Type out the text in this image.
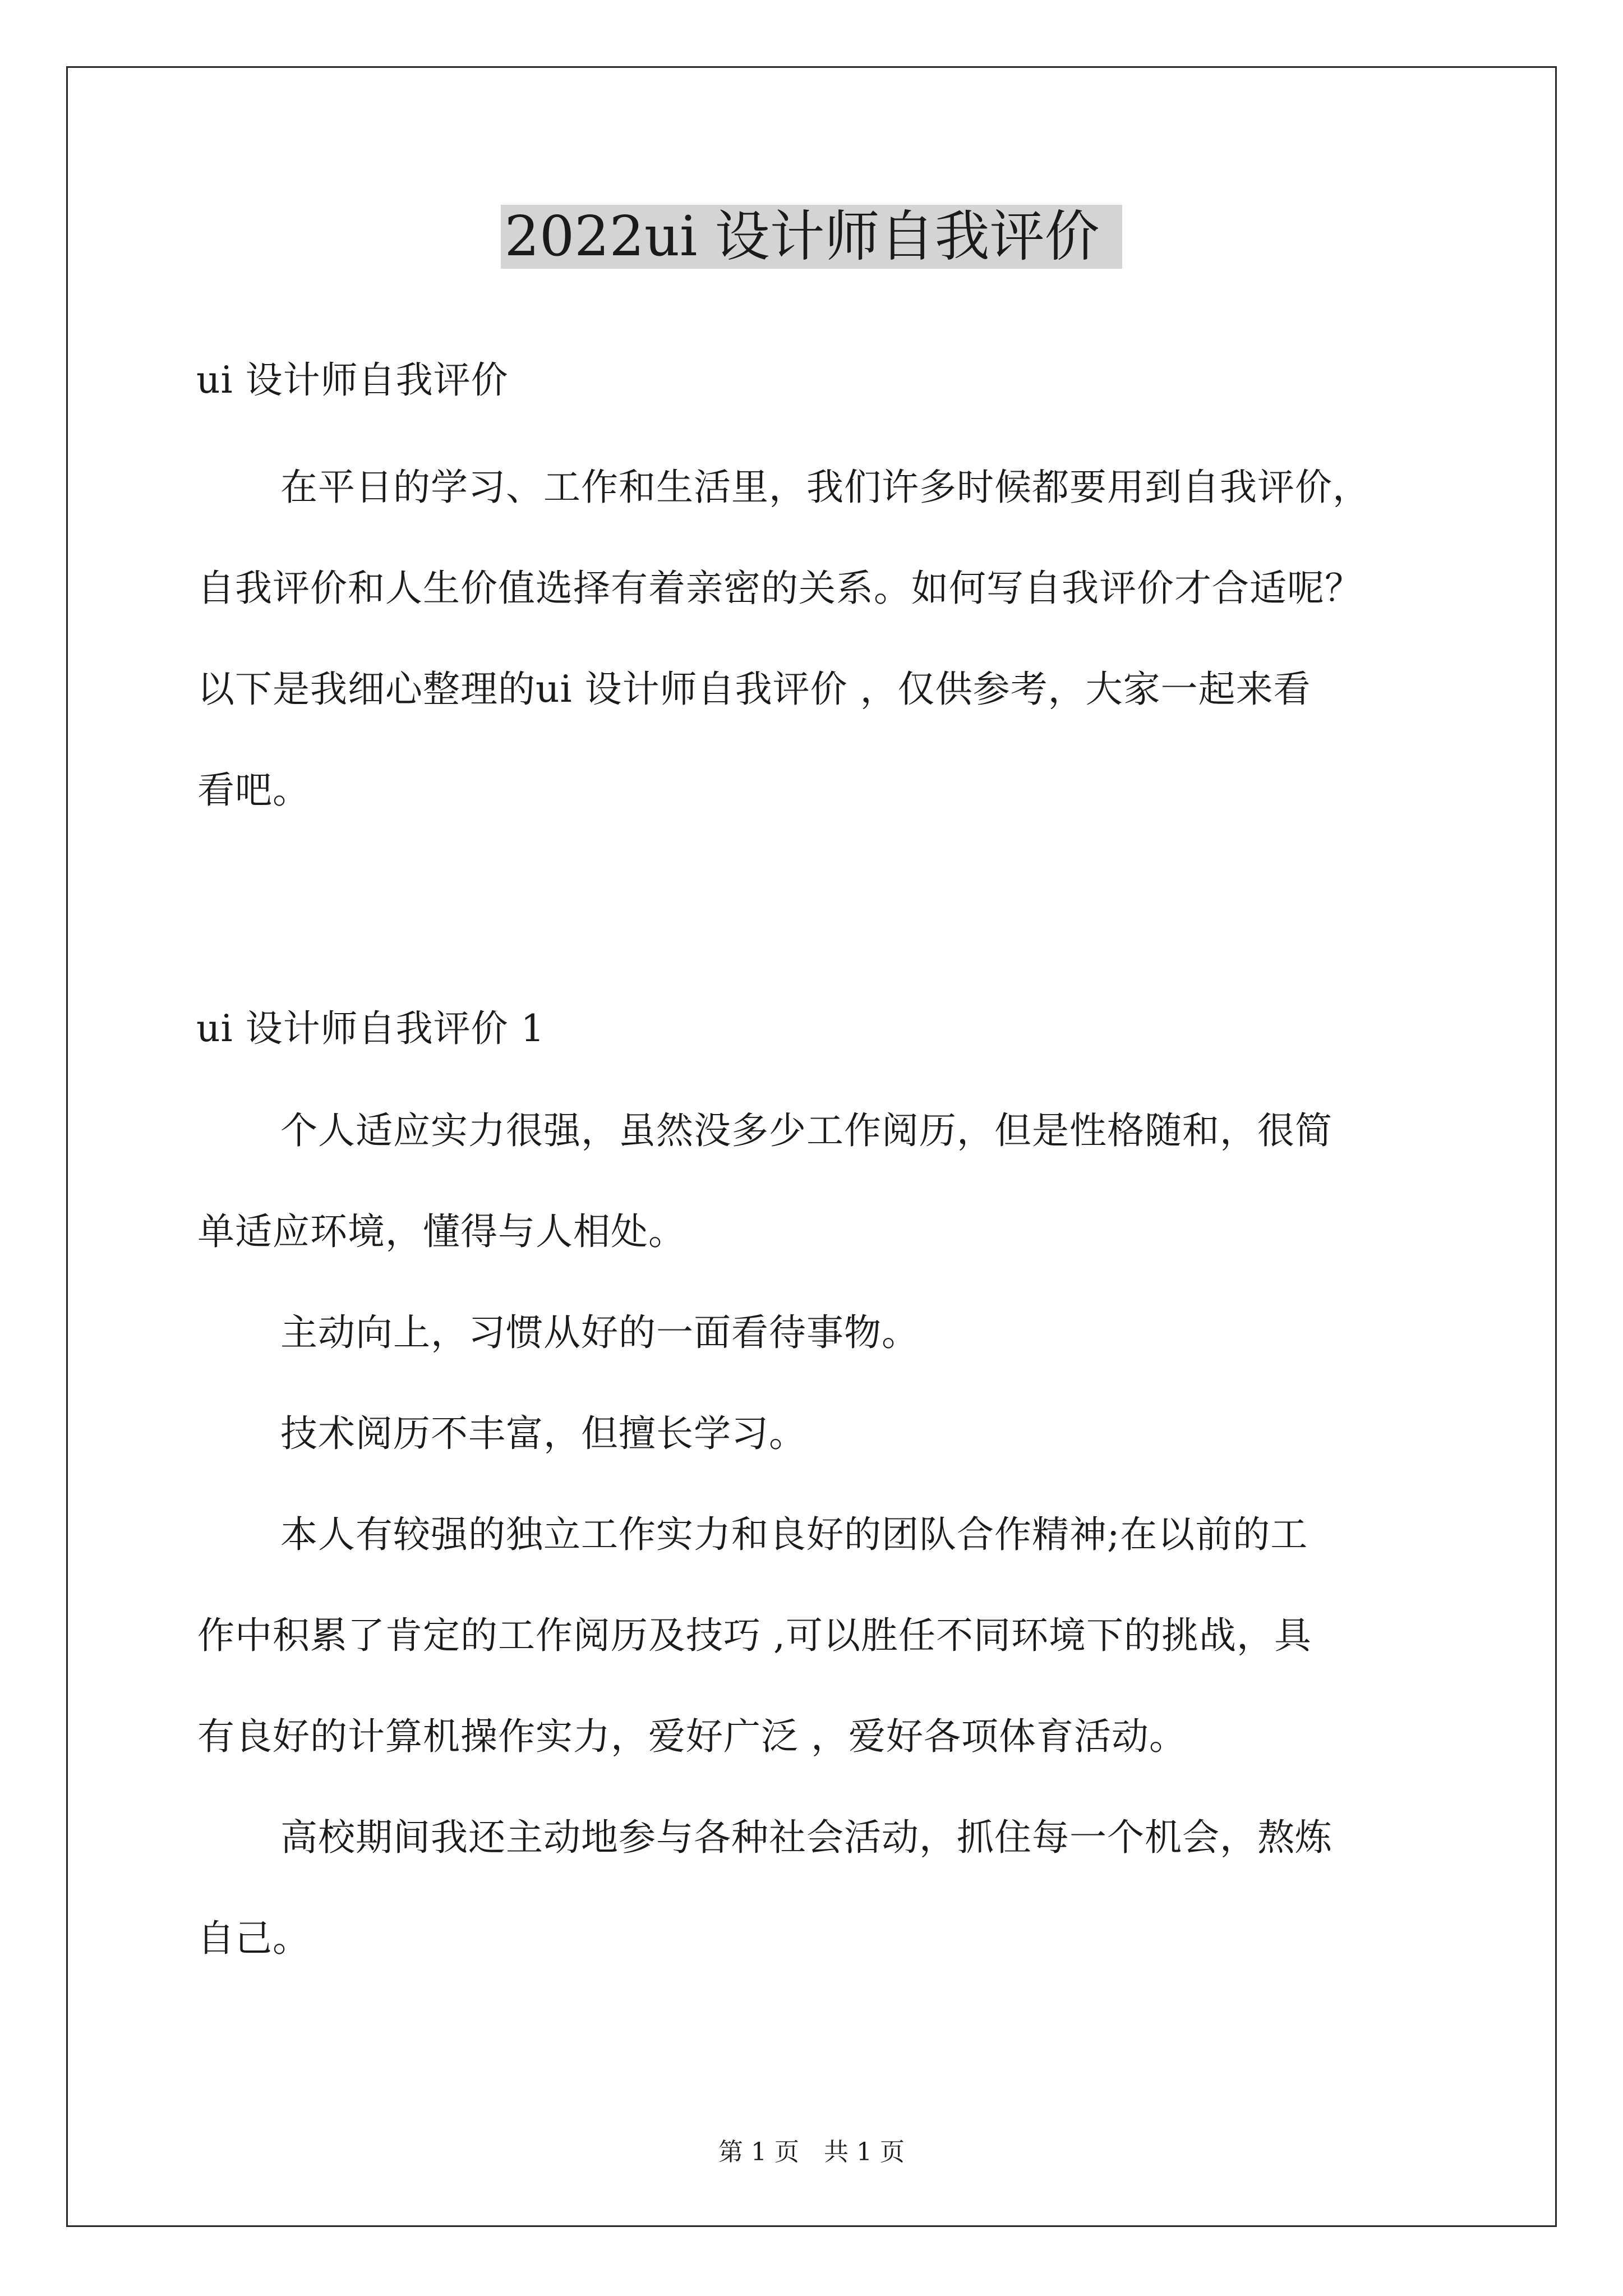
2022ui 设计师自我评价

ui 设计师自我评价

在平日的学习、工作和生活里，我们许多时候都要用到自我评价，

自我评价和人生价值选择有着亲密的关系。如何写自我评价才合适呢？

以下是我细心整理的ui 设计师自我评价 ，仅供参考，大家一起来看

看吧。

ui 设计师自我评价 1

个人适应实力很强，虽然没多少工作阅历，但是性格随和，很简

单适应环境，懂得与人相处。

主动向上，习惯从好的一面看待事物。

技术阅历不丰富，但擅长学习。

本人有较强的独立工作实力和良好的团队合作精神;在以前的工

作中积累了肯定的工作阅历及技巧 ,可以胜任不同环境下的挑战，具

有良好的计算机操作实力，爱好广泛 ，爱好各项体育活动。

高校期间我还主动地参与各种社会活动，抓住每一个机会，熬炼

自己。

第 1 页　共 1 页
